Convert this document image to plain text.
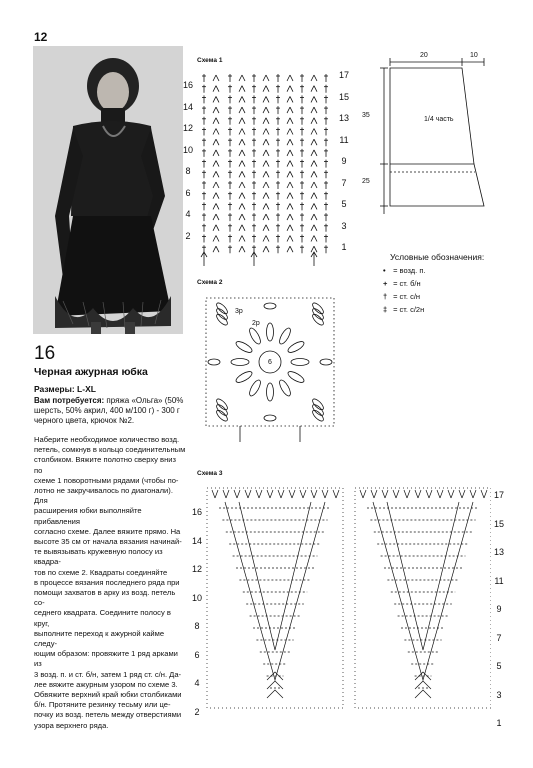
12
16
Черная ажурная юбка
Размеры: L-XL
Вам потребуется: пряжа «Ольга» (50% шерсть, 50% акрил, 400 м/100 г) - 300 г черного цвета, крючок №2.
Наберите необходимое количество возд.
петель, сомкнув в кольцо соединительным
столбиком. Вяжите полотно сверху вниз по
схеме 1 поворотными рядами (чтобы по-
лотно не закручивалось по диагонали). Для
расширения юбки выполняйте прибавления
согласно схеме. Далее вяжите прямо. На
высоте 35 см от начала вязания начинай-
те вывязывать кружевную полосу из квадра-
тов по схеме 2. Квадраты соединяйте
в процессе вязания последнего ряда при
помощи захватов в арку из возд. петель со-
седнего квадрата. Соедините полосу в круг,
выполните переход к ажурной кайме следу-
ющим образом: провяжите 1 ряд арками из
3 возд. п. и ст. б/н, затем 1 ряд ст. с/н. Да-
лее вяжите ажурным узором по схеме 3.
Обвяжите верхний край юбки столбиками
б/н. Протяните резинку тесьму или це-
почку из возд. петель между отверстиями
узора верхнего ряда.
Схема 1
16
14
12
10
8
6
4
2
17
15
13
11
9
7
5
3
1
20	10
35
25
1/4 часть
Условные обозначения:
• = возд. п.
+ = ст. б/н
† = ст. с/н
‡ = ст. с/2н
Схема 2
3р
2р
6
Схема 3
16
14
12
10
8
6
4
2
17
15
13
11
9
7
5
3
1
